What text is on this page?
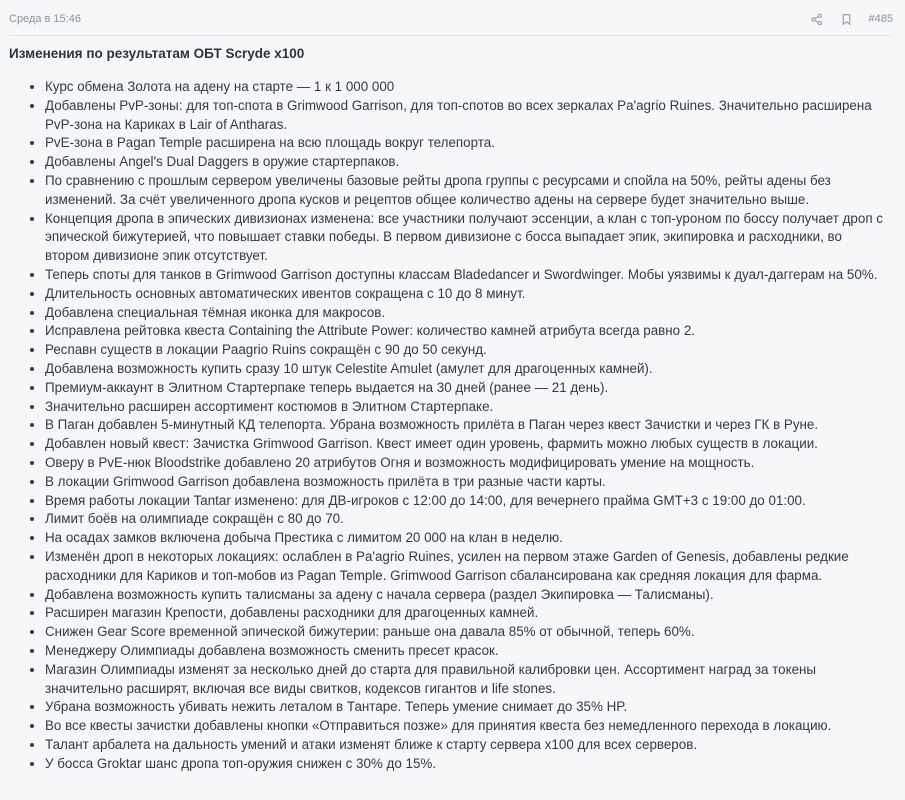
Среда в 15:46	#485
Изменения по результатам ОБТ Scryde x100
• Курс обмена Золота на адену на старте — 1 к 1 000 000
• Добавлены PvP-зоны: для топ-спота в Grimwood Garrison, для топ-спотов во всех зеркалах Pa'agrio Ruines. Значительно расширена PvP-зона на Кариках в Lair of Antharas.
• PvE-зона в Pagan Temple расширена на всю площадь вокруг телепорта.
• Добавлены Angel's Dual Daggers в оружие стартерпаков.
• По сравнению с прошлым сервером увеличены базовые рейты дропа группы с ресурсами и спойла на 50%, рейты адены без изменений. За счёт увеличенного дропа кусков и рецептов общее количество адены на сервере будет значительно выше.
• Концепция дропа в эпических дивизионах изменена: все участники получают эссенции, а клан с топ-уроном по боссу получает дроп с эпической бижутерией, что повышает ставки победы. В первом дивизионе с босса выпадает эпик, экипировка и расходники, во втором дивизионе эпик отсутствует.
• Теперь споты для танков в Grimwood Garrison доступны классам Bladedancer и Swordwinger. Мобы уязвимы к дуал-даггерам на 50%.
• Длительность основных автоматических ивентов сокращена с 10 до 8 минут.
• Добавлена специальная тёмная иконка для макросов.
• Исправлена рейтовка квеста Containing the Attribute Power: количество камней атрибута всегда равно 2.
• Респавн существ в локации Paagrio Ruins сокращён с 90 до 50 секунд.
• Добавлена возможность купить сразу 10 штук Celestite Amulet (амулет для драгоценных камней).
• Премиум-аккаунт в Элитном Стартерпаке теперь выдается на 30 дней (ранее — 21 день).
• Значительно расширен ассортимент костюмов в Элитном Стартерпаке.
• В Паган добавлен 5-минутный КД телепорта. Убрана возможность прилёта в Паган через квест Зачистки и через ГК в Руне.
• Добавлен новый квест: Зачистка Grimwood Garrison. Квест имеет один уровень, фармить можно любых существ в локации.
• Оверу в PvE-нюк Bloodstrike добавлено 20 атрибутов Огня и возможность модифицировать умение на мощность.
• В локации Grimwood Garrison добавлена возможность прилёта в три разные части карты.
• Время работы локации Tantar изменено: для ДВ-игроков с 12:00 до 14:00, для вечернего прайма GMT+3 с 19:00 до 01:00.
• Лимит боёв на олимпиаде сокращён с 80 до 70.
• На осадах замков включена добыча Престика с лимитом 20 000 на клан в неделю.
• Изменён дроп в некоторых локациях: ослаблен в Pa'agrio Ruines, усилен на первом этаже Garden of Genesis, добавлены редкие расходники для Кариков и топ-мобов из Pagan Temple. Grimwood Garrison сбалансирована как средняя локация для фарма.
• Добавлена возможность купить талисманы за адену с начала сервера (раздел Экипировка — Талисманы).
• Расширен магазин Крепости, добавлены расходники для драгоценных камней.
• Снижен Gear Score временной эпической бижутерии: раньше она давала 85% от обычной, теперь 60%.
• Менеджеру Олимпиады добавлена возможность сменить пресет красок.
• Магазин Олимпиады изменят за несколько дней до старта для правильной калибровки цен. Ассортимент наград за токены значительно расширят, включая все виды свитков, кодексов гигантов и life stones.
• Убрана возможность убивать нежить леталом в Тантаре. Теперь умение снимает до 35% HP.
• Во все квесты зачистки добавлены кнопки «Отправиться позже» для принятия квеста без немедленного перехода в локацию.
• Талант арбалета на дальность умений и атаки изменят ближе к старту сервера x100 для всех серверов.
• У босса Groktar шанс дропа топ-оружия снижен с 30% до 15%.
